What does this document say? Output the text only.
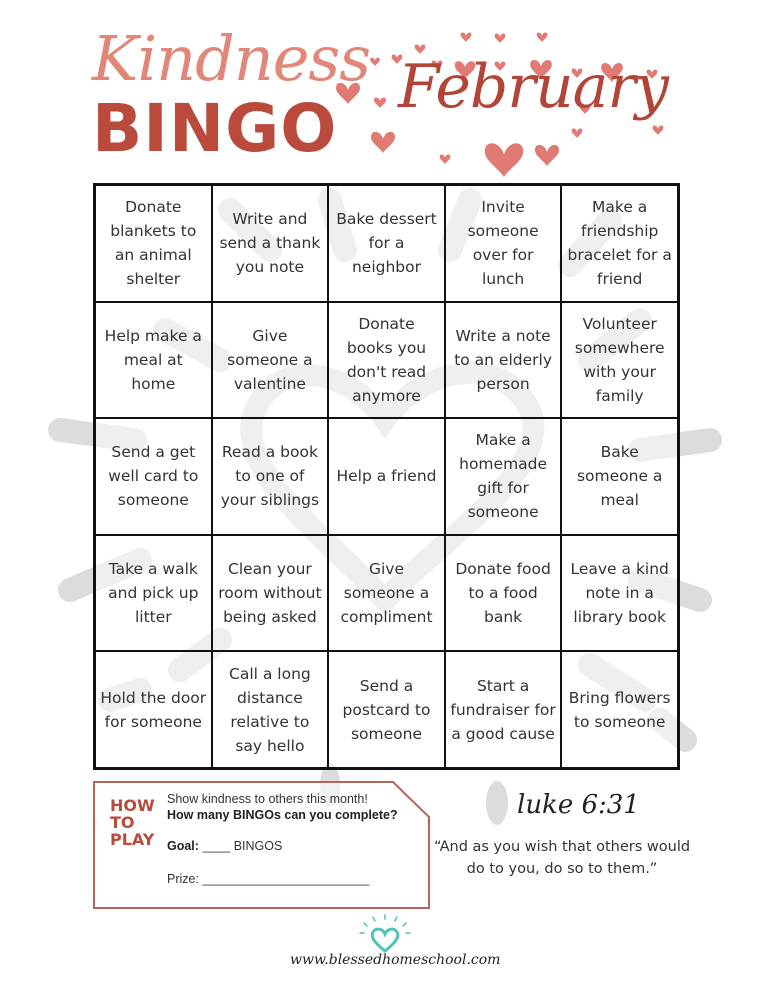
Kindness
BINGO
February
Donate blankets to an animal shelter
Write and send a thank you note
Bake dessert for a neighbor
Invite someone over for lunch
Make a friendship bracelet for a friend
Help make a meal at home
Give someone a valentine
Donate books you don't read anymore
Write a note to an elderly person
Volunteer somewhere with your family
Send a get well card to someone
Read a book to one of your siblings
Help a friend
Make a homemade gift for someone
Bake someone a meal
Take a walk and pick up litter
Clean your room without being asked
Give someone a compliment
Donate food to a food bank
Leave a kind note in a library book
Hold the door for someone
Call a long distance relative to say hello
Send a postcard to someone
Start a fundraiser for a good cause
Bring flowers to someone
HOW TO PLAY
Show kindness to others this month!
How many BINGOs can you complete?
Goal: ____ BINGOS
Prize: ________________________
luke 6:31
“And as you wish that others would do to you, do so to them.”
www.blessedhomeschool.com
